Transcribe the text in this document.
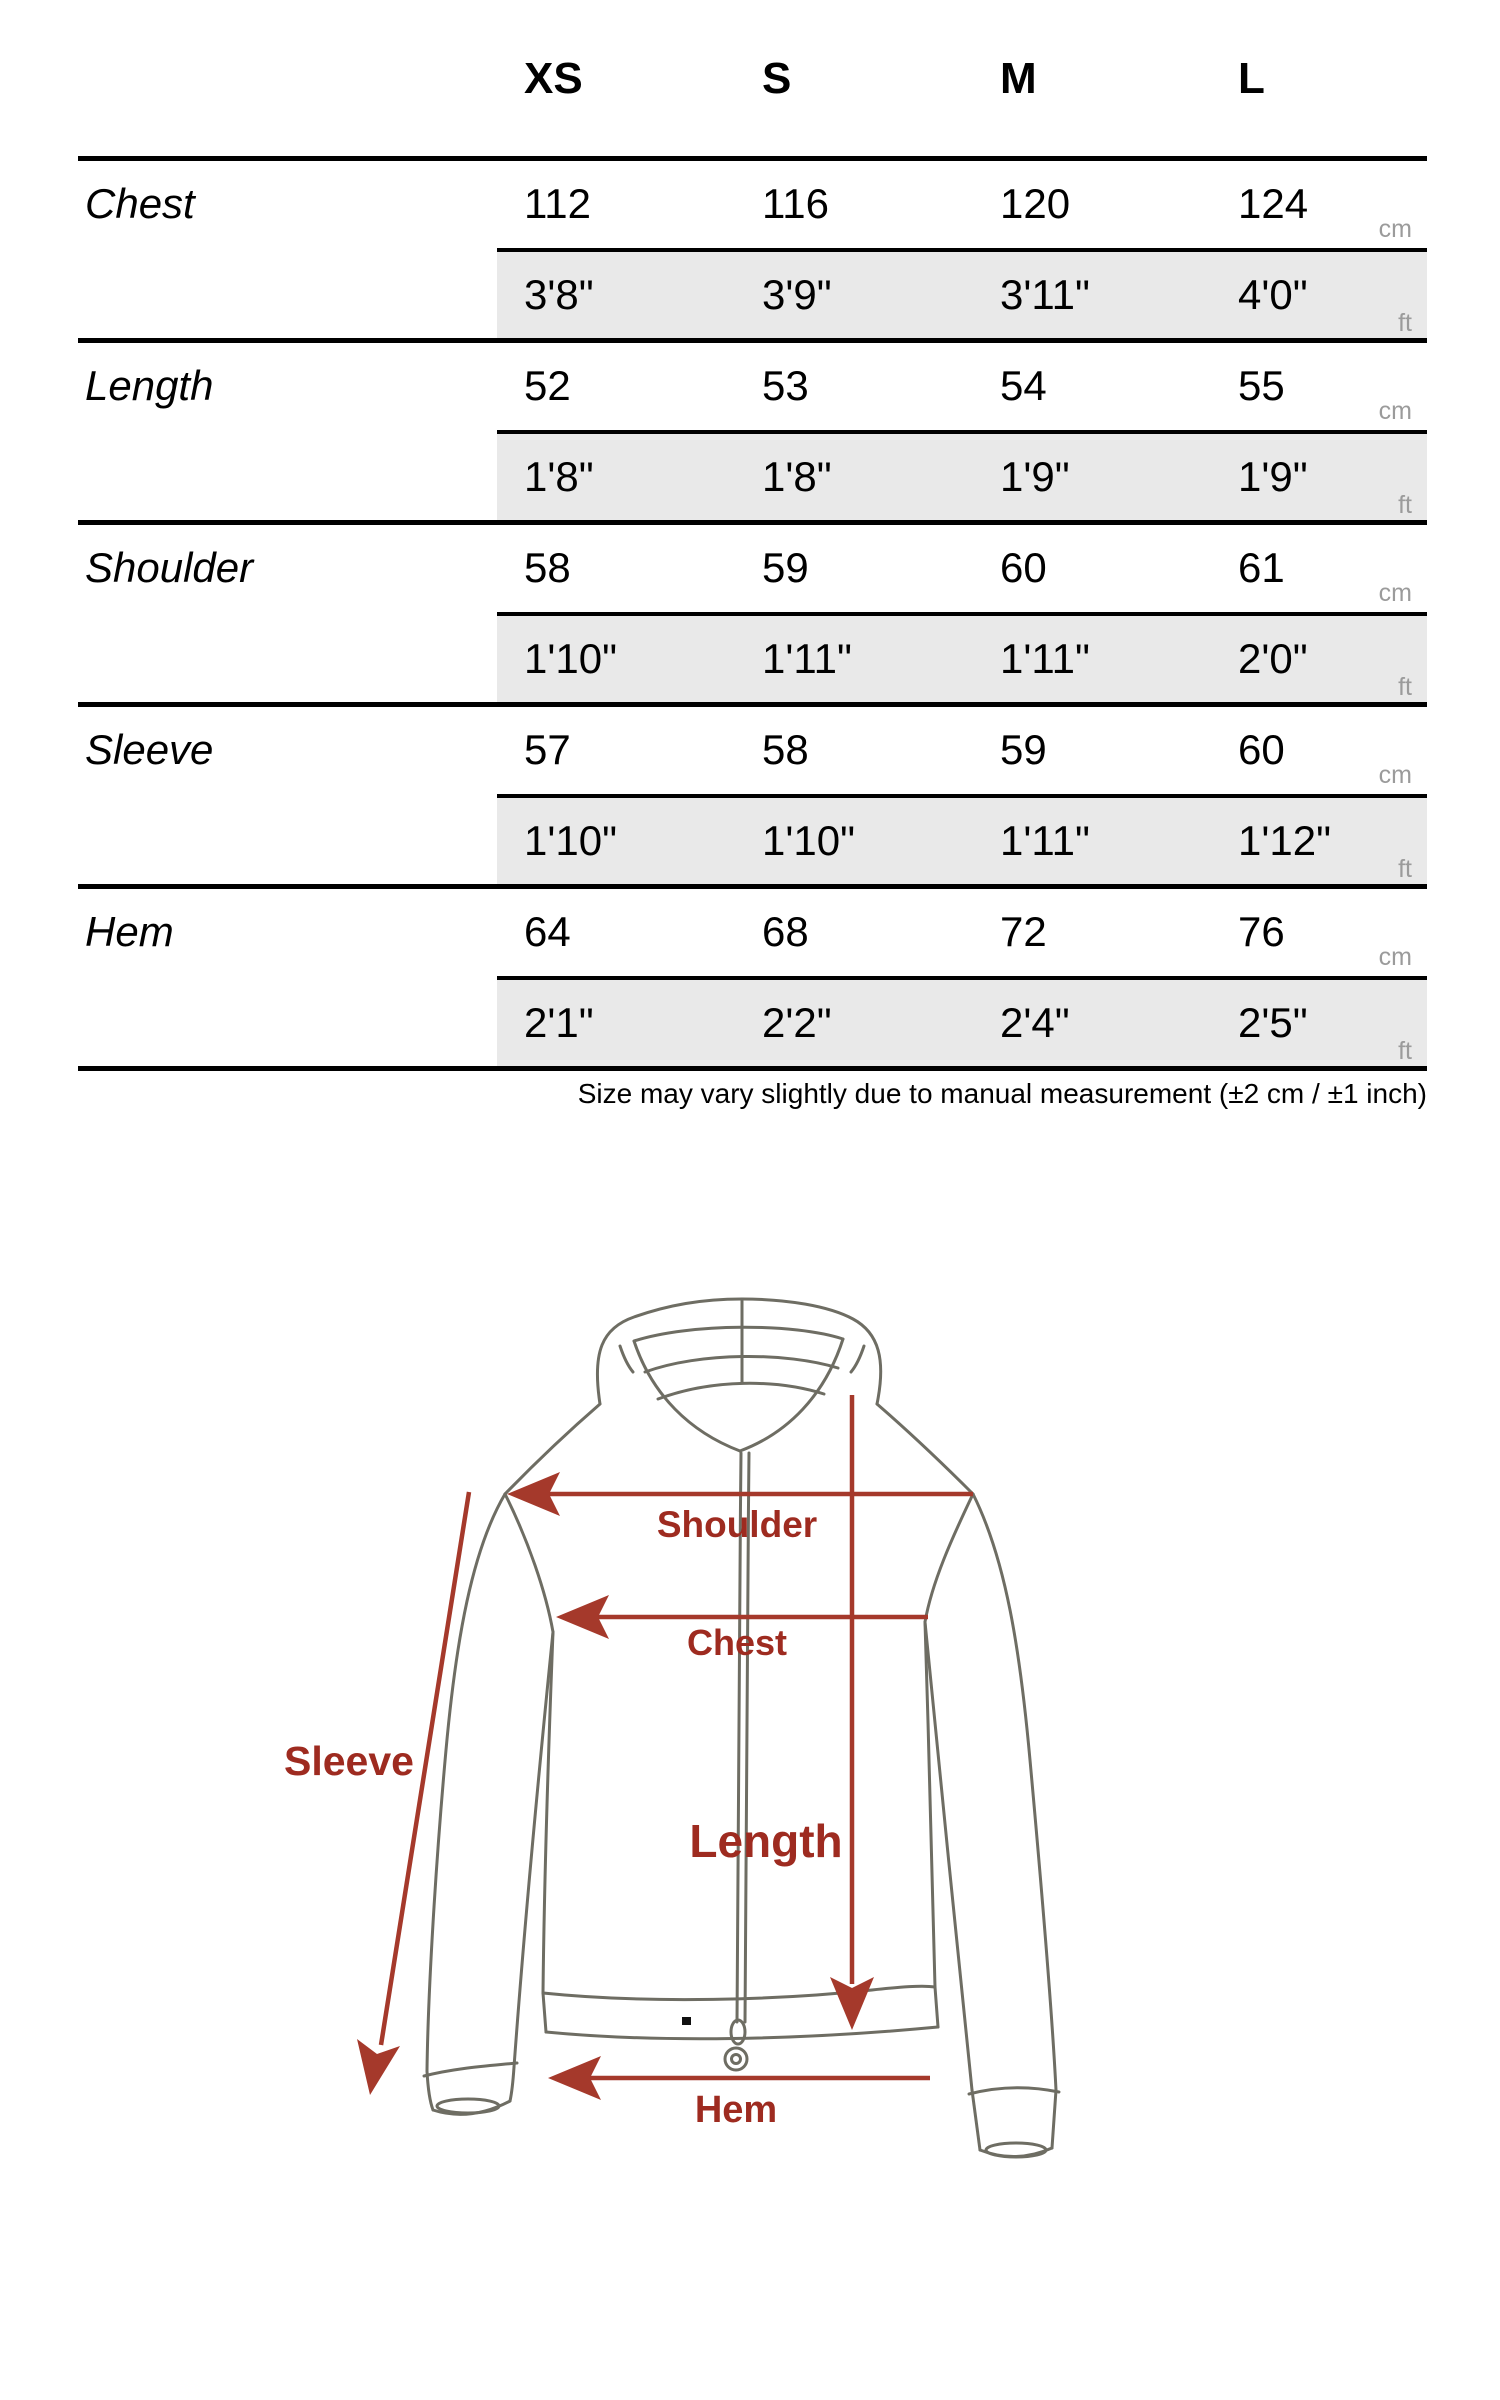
XS	S	M	L
Chest	112	116	120	124
cm
3'8"	3'9"	3'11"	4'0"
ft
Length	52	53	54	55
cm
1'8"	1'8"	1'9"	1'9"
ft
Shoulder	58	59	60	61
cm
1'10"	1'11"	1'11"	2'0"
ft
Sleeve	57	58	59	60
cm
1'10"	1'10"	1'11"	1'12"
ft
Hem	64	68	72	76
cm
2'1"	2'2"	2'4"	2'5"
ft
Size may vary slightly due to manual measurement (±2 cm / ±1 inch)
Shoulder
Chest
Sleeve
Length
Hem
